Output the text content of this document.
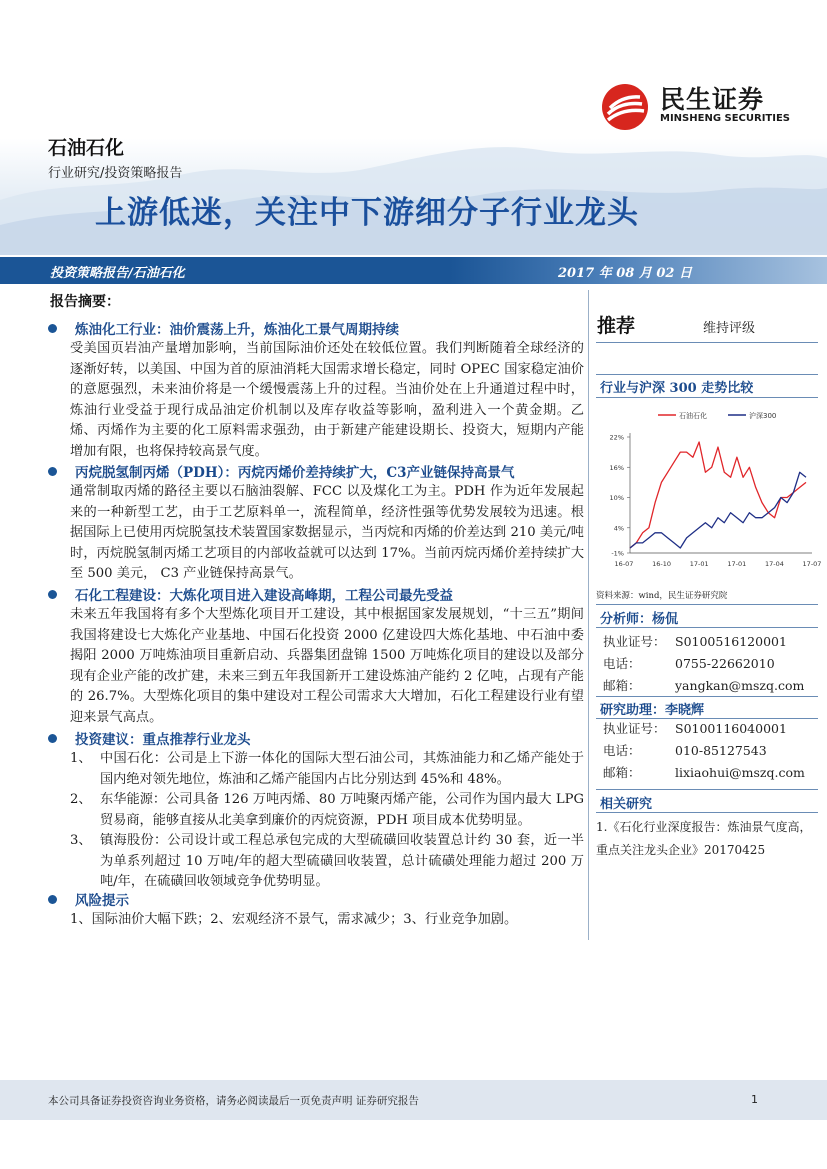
石油石化
行业研究/投资策略报告
上游低迷，关注中下游细分子行业龙头
民生证券
MINSHENG SECURITIES
投资策略报告/石油石化	2017 年 08 月 02 日
报告摘要：
炼油化工行业：油价震荡上升，炼油化工景气周期持续

受美国页岩油产量增加影响，当前国际油价还处在较低位置。我们判断随着全球经济的逐渐好转，以美国、中国为首的原油消耗大国需求增长稳定，同时 OPEC 国家稳定油价的意愿强烈，未来油价将是一个缓慢震荡上升的过程。当油价处在上升通道过程中时，炼油行业受益于现行成品油定价机制以及库存收益等影响，盈利进入一个黄金期。乙烯、丙烯作为主要的化工原料需求强劲，由于新建产能建设期长、投资大，短期内产能增加有限，也将保持较高景气度。

丙烷脱氢制丙烯（PDH）：丙烷丙烯价差持续扩大，C3产业链保持高景气

通常制取丙烯的路径主要以石脑油裂解、FCC 以及煤化工为主。PDH 作为近年发展起来的一种新型工艺，由于工艺原料单一，流程简单，经济性强等优势发展较为迅速。根据国际上已使用丙烷脱氢技术装置国家数据显示，当丙烷和丙烯的价差达到 210 美元/吨时，丙烷脱氢制丙烯工艺项目的内部收益就可以达到 17%。当前丙烷丙烯价差持续扩大至 500 美元， C3 产业链保持高景气。

石化工程建设：大炼化项目进入建设高峰期，工程公司最先受益

未来五年我国将有多个大型炼化项目开工建设，其中根据国家发展规划，“十三五”期间我国将建设七大炼化产业基地、中国石化投资 2000 亿建设四大炼化基地、中石油中委揭阳 2000 万吨炼油项目重新启动、兵器集团盘锦 1500 万吨炼化项目的建设以及部分现有企业产能的改扩建，未来三到五年我国新开工建设炼油产能约 2 亿吨，占现有产能的 26.7%。大型炼化项目的集中建设对工程公司需求大大增加，石化工程建设行业有望迎来景气高点。

投资建议：重点推荐行业龙头
1、 中国石化：公司是上下游一体化的国际大型石油公司，其炼油能力和乙烯产能处于国内绝对领先地位，炼油和乙烯产能国内占比分别达到 45%和 48%。
2、 东华能源：公司具备 126 万吨丙烯、80 万吨聚丙烯产能，公司作为国内最大 LPG 贸易商，能够直接从北美拿到廉价的丙烷资源，PDH 项目成本优势明显。
3、 镇海股份：公司设计或工程总承包完成的大型硫磺回收装置总计约 30 套，近一半为单系列超过 10 万吨/年的超大型硫磺回收装置，总计硫磺处理能力超过 200 万吨/年，在硫磺回收领域竞争优势明显。
风险提示

1、国际油价大幅下跌；2、宏观经济不景气，需求减少；3、行业竞争加剧。

推荐	维持评级
行业与沪深 300 走势比较
石油石化	沪深300
22%
16%
10%
4%
-1%
16-07	16-10	17-01	17-01	17-04	17-07
资料来源：wind，民生证券研究院
分析师：杨侃
执业证号： S0100516120001
电话：	0755-22662010
邮箱：	yangkan@mszq.com
研究助理：李晓辉
执业证号： S0100116040001
电话：	010-85127543
邮箱：	lixiaohui@mszq.com
相关研究
1.《石化行业深度报告：炼油景气度高，重点关注龙头企业》20170425
本公司具备证券投资咨询业务资格，请务必阅读最后一页免责声明 证券研究报告	1
